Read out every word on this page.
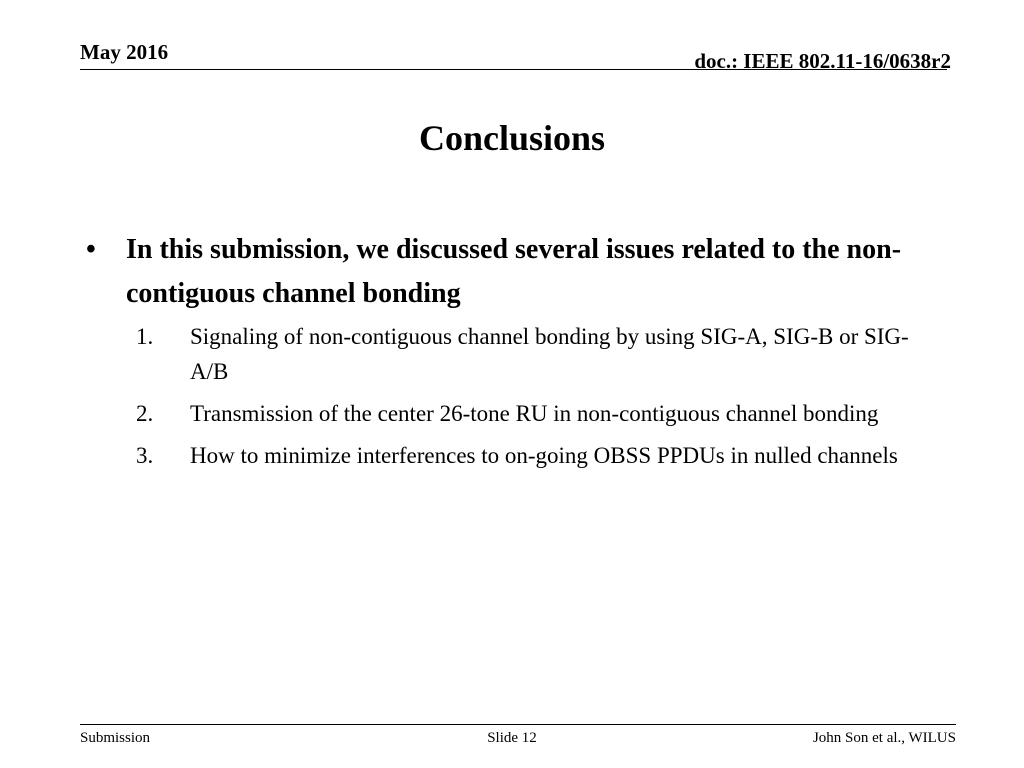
May 2016	doc.: IEEE 802.11-16/0638r2
Conclusions
• In this submission, we discussed several issues related to the non-contiguous channel bonding
1. Signaling of non-contiguous channel bonding by using SIG-A, SIG-B or SIG-A/B
2. Transmission of the center 26-tone RU in non-contiguous channel bonding
3. How to minimize interferences to on-going OBSS PPDUs in nulled channels
Submission	Slide 12	John Son et al., WILUS
